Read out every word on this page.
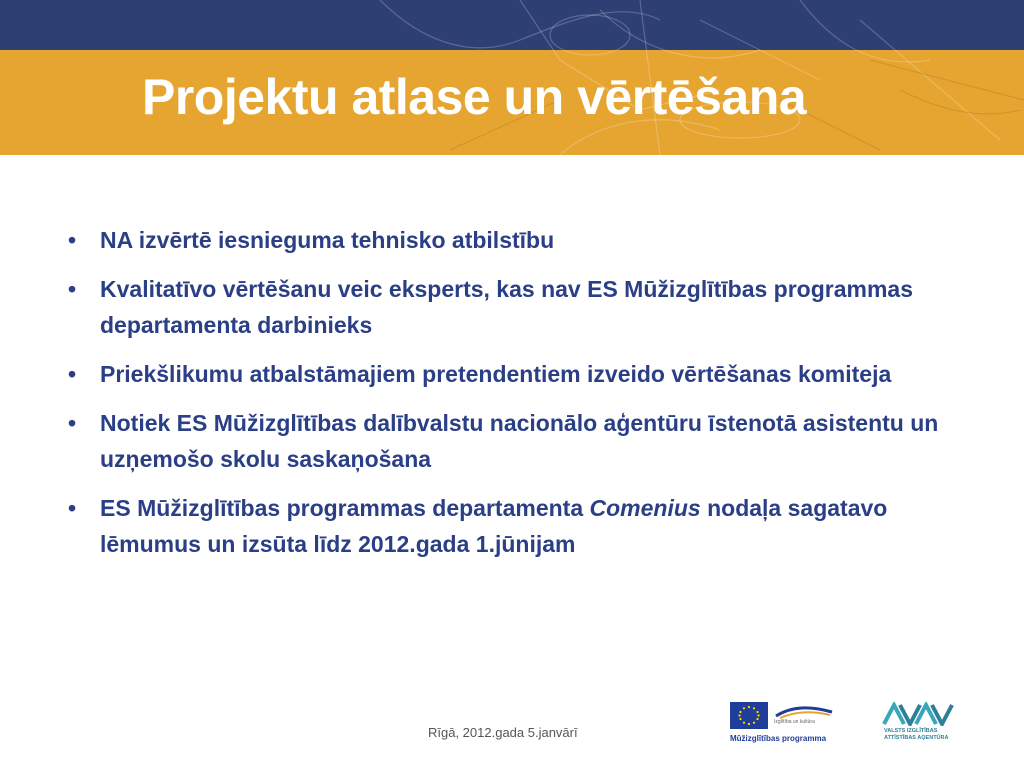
Projektu atlase un vērtēšana
• NA izvērtē iesnieguma tehnisko atbilstību
• Kvalitatīvo vērtēšanu veic eksperts, kas nav ES Mūžizglītības programmas departamenta darbinieks
• Priekšlikumu atbalstāmajiem pretendentiem izveido vērtēšanas komiteja
• Notiek ES Mūžizglītības dalībvalstu nacionālo aģentūru īstenotā asistentu un uzņemošo skolu saskaņošana
• ES Mūžizglītības programmas departamenta Comenius nodaļa sagatavo lēmumus un izsūta līdz 2012.gada 1.jūnijam
Rīgā, 2012.gada 5.janvārī
Izglītība un kultūra
Mūžizglītības programma
VALSTS IZGLĪTĪBAS
ATTĪSTĪBAS AĢENTŪRA
